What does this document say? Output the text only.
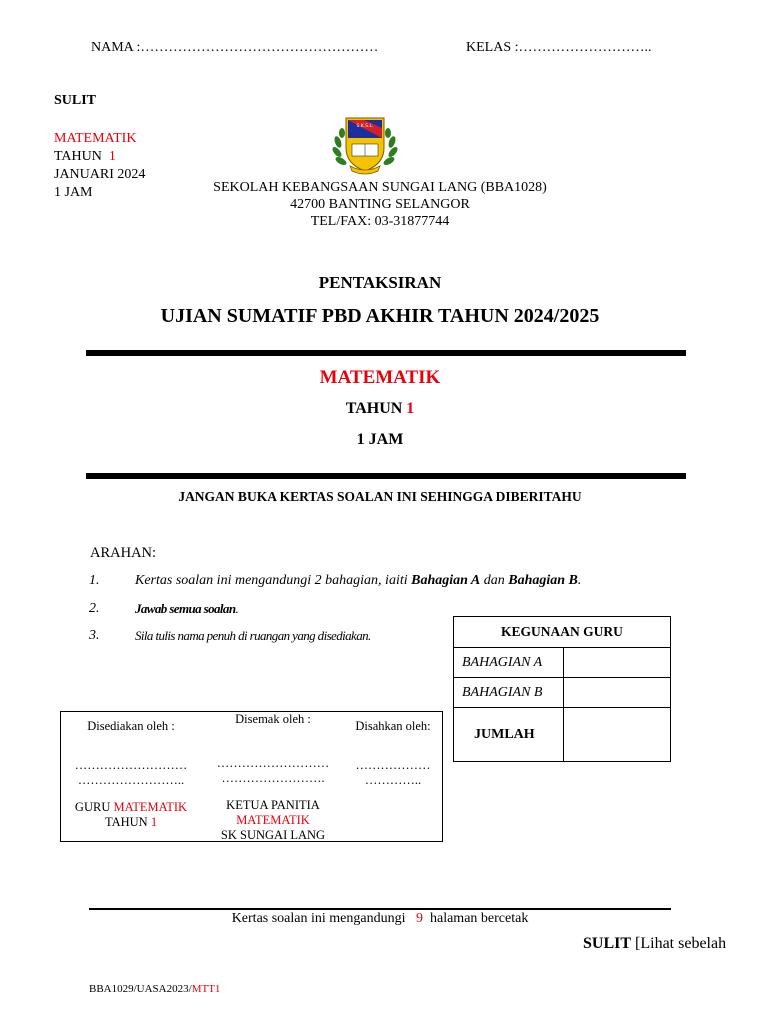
NAMA :……………………………………………	KELAS :………………………..
SULIT
MATEMATIK
TAHUN 1
JANUARI 2024
1 JAM
S.K.S.L.
SEKOLAH KEBANGSAAN SUNGAI LANG (BBA1028)
42700 BANTING SELANGOR
TEL/FAX: 03-31877744
PENTAKSIRAN
UJIAN SUMATIF PBD AKHIR TAHUN 2024/2025
MATEMATIK
TAHUN 1
1 JAM
JANGAN BUKA KERTAS SOALAN INI SEHINGGA DIBERITAHU
ARAHAN:
1.	Kertas soalan ini mengandungi 2 bahagian, iaiti Bahagian A dan Bahagian B.
2.	Jawab semua soalan.
3.	Sila tulis nama penuh di ruangan yang disediakan.	KEGUNAAN GURU	
BAHAGIAN A	
BAHAGIAN B	
JUMLAH	
Disediakan oleh :
………………………
……………………..
GURU MATEMATIK
TAHUN 1
Disemak oleh :
………………………
…………………….
KETUA PANITIA
MATEMATIK
SK SUNGAI LANG
Disahkan oleh:
………………
…………..
Kertas soalan ini mengandungi 9 halaman bercetak
SULIT [Lihat sebelah
BBA1029/UASA2023/MTT1
